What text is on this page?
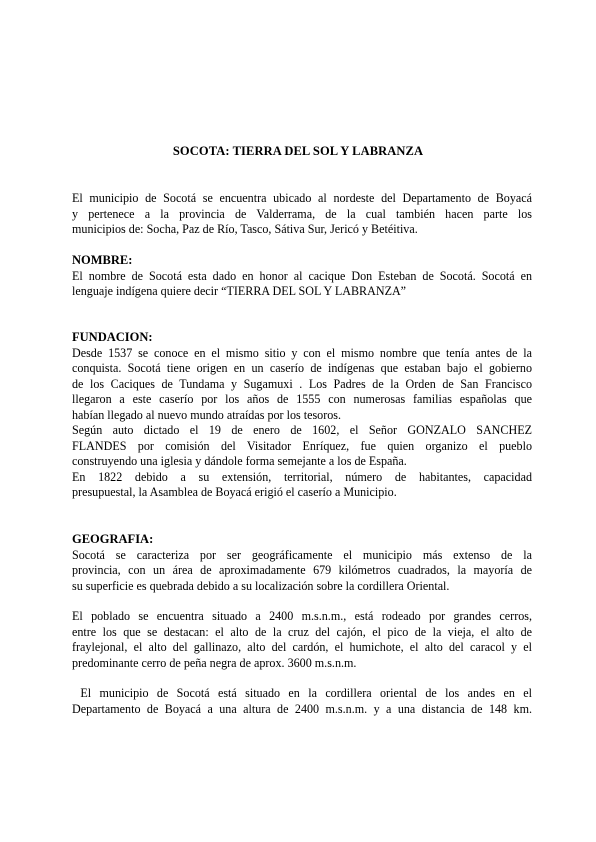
SOCOTA: TIERRA DEL SOL Y LABRANZA
El municipio de Socotá se encuentra ubicado al nordeste del Departamento de Boyacá
y pertenece a la provincia de Valderrama, de la cual también hacen parte los
municipios de: Socha, Paz de Río, Tasco, Sátiva Sur, Jericó y Betéitiva.
NOMBRE:
El nombre de Socotá esta dado en honor al cacique Don Esteban de Socotá. Socotá en
lenguaje indígena quiere decir “TIERRA DEL SOL Y LABRANZA”
FUNDACION:
Desde 1537 se conoce en el mismo sitio y con el mismo nombre que tenía antes de la
conquista. Socotá tiene origen en un caserío de indígenas que estaban bajo el gobierno
de los Caciques de Tundama y Sugamuxi . Los Padres de la Orden de San Francisco
llegaron a este caserío por los años de 1555 con numerosas familias españolas que
habían llegado al nuevo mundo atraídas por los tesoros.
Según auto dictado el 19 de enero de 1602, el Señor GONZALO SANCHEZ
FLANDES por comisión del Visitador Enríquez, fue quien organizo el pueblo
construyendo una iglesia y dándole forma semejante a los de España.
En 1822 debido a su extensión, territorial, número de habitantes, capacidad
presupuestal, la Asamblea de Boyacá erigió el caserío a Municipio.
GEOGRAFIA:
Socotá se caracteriza por ser geográficamente el municipio más extenso de la
provincia, con un área de aproximadamente 679 kilómetros cuadrados, la mayoría de
su superficie es quebrada debido a su localización sobre la cordillera Oriental.
El poblado se encuentra situado a 2400 m.s.n.m., está rodeado por grandes cerros,
entre los que se destacan: el alto de la cruz del cajón, el pico de la vieja, el alto de
fraylejonal, el alto del gallinazo, alto del cardón, el humichote, el alto del caracol y el
predominante cerro de peña negra de aprox. 3600 m.s.n.m.
El municipio de Socotá está situado en la cordillera oriental de los andes en el
Departamento de Boyacá a una altura de 2400 m.s.n.m. y a una distancia de 148 km.
